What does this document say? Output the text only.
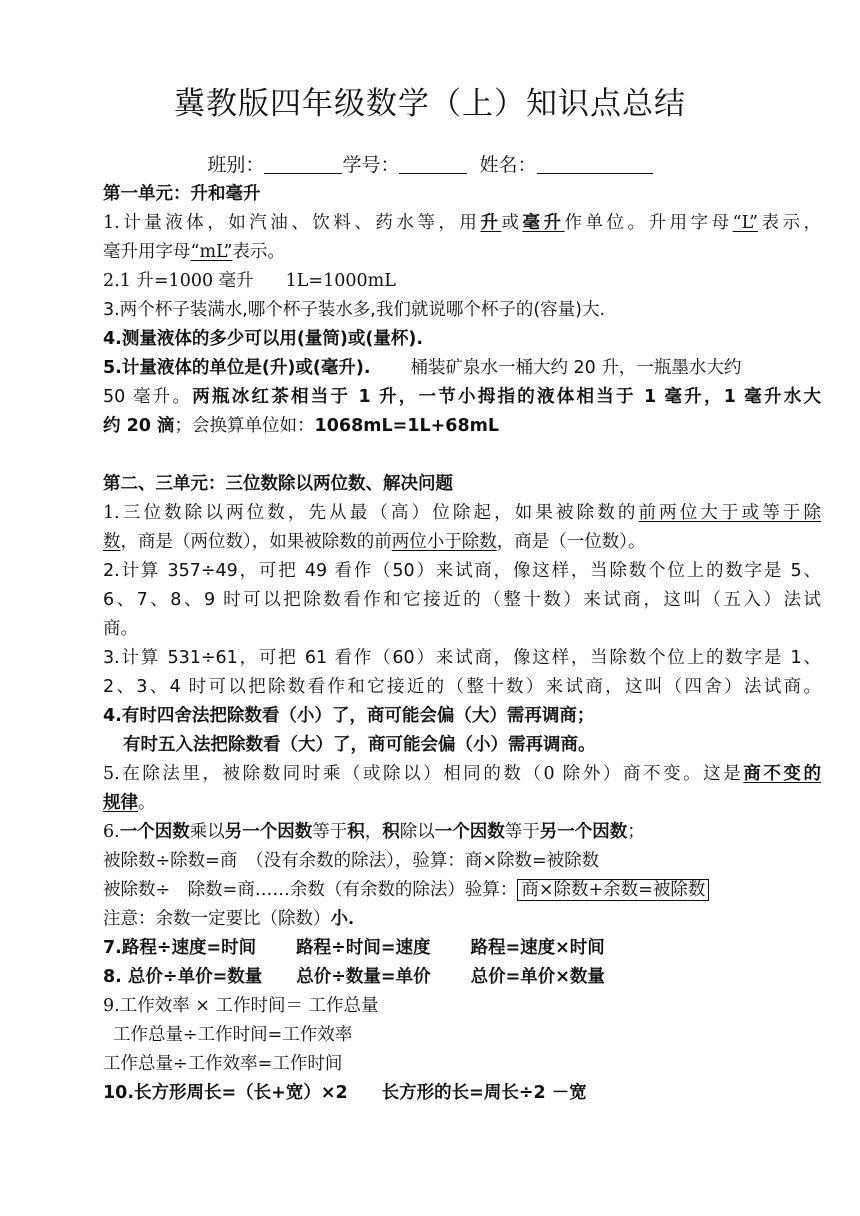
冀教版四年级数学（上）知识点总结
班别：	学号：	姓名：
第一单元：升和毫升
1.计量液体，如汽油、饮料、药水等，用升或毫升作单位。升用字母“L”表示，
毫升用字母“mL”表示。
2.1 升=1000 毫升 1L=1000mL
3.两个杯子装满水,哪个杯子装水多,我们就说哪个杯子的(容量)大.
4.测量液体的多少可以用(量筒)或(量杯).
5.计量液体的单位是(升)或(毫升). 桶装矿泉水一桶大约 20 升，一瓶墨水大约
50 毫升。两瓶冰红茶相当于 1 升，一节小拇指的液体相当于 1 毫升，1 毫升水大
约 20 滴；会换算单位如：1068mL=1L+68mL
第二、三单元：三位数除以两位数、解决问题
1.三位数除以两位数，先从最（高）位除起，如果被除数的前两位大于或等于除
数，商是（两位数），如果被除数的前两位小于除数，商是（一位数）。
2.计算 357÷49，可把 49 看作（50）来试商，像这样，当除数个位上的数字是 5、
6、7、8、9 时可以把除数看作和它接近的（整十数）来试商，这叫（五入）法试
商。
3.计算 531÷61，可把 61 看作（60）来试商，像这样，当除数个位上的数字是 1、
2、3、4 时可以把除数看作和它接近的（整十数）来试商，这叫（四舍）法试商。
4.有时四舍法把除数看（小）了，商可能会偏（大）需再调商；
有时五入法把除数看（大）了，商可能会偏（小）需再调商。
5.在除法里，被除数同时乘（或除以）相同的数（0 除外）商不变。这是商不变的
规律。
6.一个因数乘以另一个因数等于积，积除以一个因数等于另一个因数；
被除数÷除数=商　（没有余数的除法），验算：商×除数=被除数
被除数÷　除数=商……余数（有余数的除法）验算： 商×除数+余数=被除数
注意：余数一定要比（除数）小.
7.路程÷速度=时间 路程÷时间=速度 路程=速度×时间
8. 总价÷单价=数量 总价÷数量=单价 总价=单价×数量
9.工作效率 × 工作时间＝ 工作总量
工作总量÷工作时间=工作效率
工作总量÷工作效率=工作时间
10.长方形周长=（长+宽）×2 长方形的长=周长÷2 －宽
